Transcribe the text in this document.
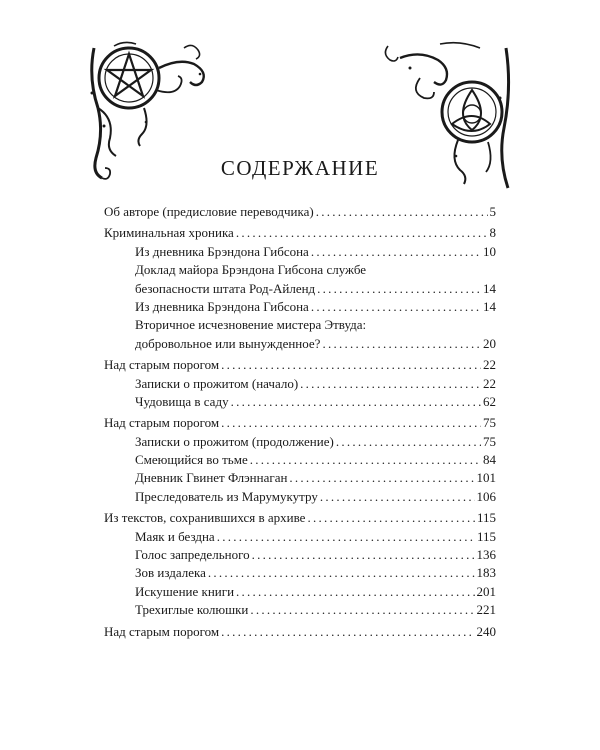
СОДЕРЖАНИЕ
Об авторе (предисловие переводчика) . . .	5
Криминальная хроника . . .	8
Из дневника Брэндона Гибсона . . .	10
Доклад майора Брэндона Гибсона службе
безопасности штата Род-Айленд . . .	14
Из дневника Брэндона Гибсона . . .	14
Вторичное исчезновение мистера Этвуда:
добровольное или вынужденное? . . .	20
Над старым порогом . . .	22
Записки о прожитом (начало) . . .	22
Чудовища в саду . . .	62
Над старым порогом . . .	75
Записки о прожитом (продолжение) . . .	75
Смеющийся во тьме . . .	84
Дневник Гвинет Флэннаган . . .	101
Преследователь из Марумукутру . . .	106
Из текстов, сохранившихся в архиве . . .	115
Маяк и бездна . . .	115
Голос запредельного . . .	136
Зов издалека . . .	183
Искушение книги . . .	201
Трехиглые колюшки . . .	221
Над старым порогом . . .	240
